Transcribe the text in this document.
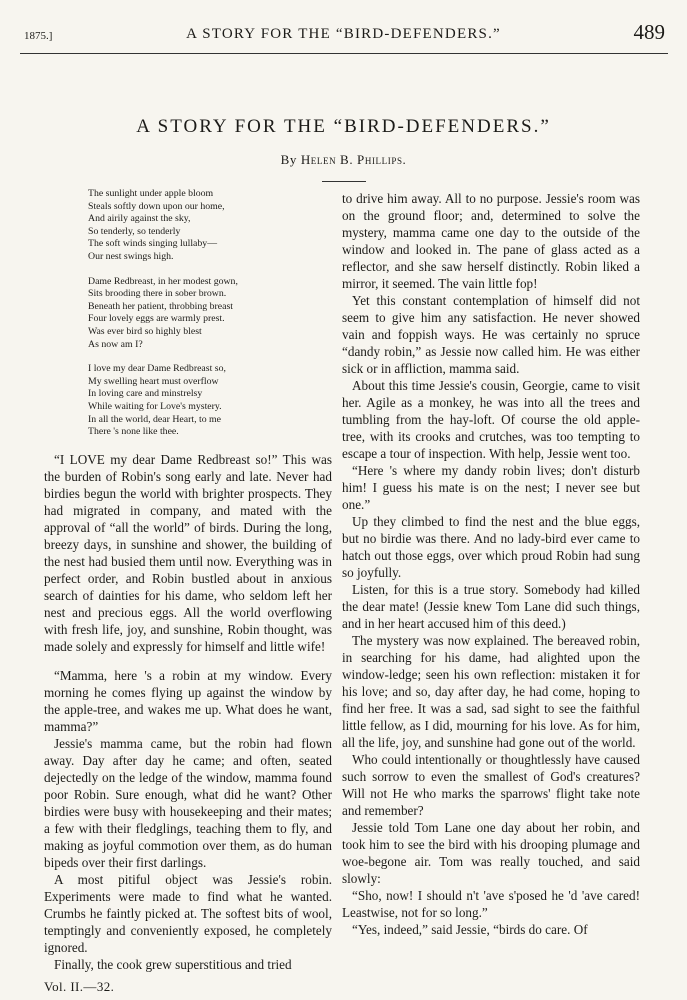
1875.]	A STORY FOR THE “BIRD-DEFENDERS.”	489
A STORY FOR THE “BIRD-DEFENDERS.”
By Helen B. Phillips.
The sunlight under apple bloom
Steals softly down upon our home,
And airily against the sky,
So tenderly, so tenderly
The soft winds singing lullaby—
Our nest swings high.
Dame Redbreast, in her modest gown,
Sits brooding there in sober brown.
Beneath her patient, throbbing breast
Four lovely eggs are warmly prest.
Was ever bird so highly blest
As now am I?
I love my dear Dame Redbreast so,
My swelling heart must overflow
In loving care and minstrelsy
While waiting for Love's mystery.
In all the world, dear Heart, to me
There 's none like thee.

“I LOVE my dear Dame Redbreast so!” This was the burden of Robin's song early and late. Never had birdies begun the world with brighter prospects. They had migrated in company, and mated with the approval of “all the world” of birds. During the long, breezy days, in sunshine and shower, the building of the nest had busied them until now. Everything was in perfect order, and Robin bustled about in anxious search of dainties for his dame, who seldom left her nest and precious eggs. All the world overflowing with fresh life, joy, and sunshine, Robin thought, was made solely and expressly for himself and little wife!

“Mamma, here 's a robin at my window. Every morning he comes flying up against the window by the apple-tree, and wakes me up. What does he want, mamma?”

Jessie's mamma came, but the robin had flown away. Day after day he came; and often, seated dejectedly on the ledge of the window, mamma found poor Robin. Sure enough, what did he want? Other birdies were busy with housekeeping and their mates; a few with their fledglings, teaching them to fly, and making as joyful commotion over them, as do human bipeds over their first darlings.

A most pitiful object was Jessie's robin. Experiments were made to find what he wanted. Crumbs he faintly picked at. The softest bits of wool, temptingly and conveniently exposed, he completely ignored.

Finally, the cook grew superstitious and tried

Vol. II.—32.

to drive him away. All to no purpose. Jessie's room was on the ground floor; and, determined to solve the mystery, mamma came one day to the outside of the window and looked in. The pane of glass acted as a reflector, and she saw herself distinctly. Robin liked a mirror, it seemed. The vain little fop!

Yet this constant contemplation of himself did not seem to give him any satisfaction. He never showed vain and foppish ways. He was certainly no spruce “dandy robin,” as Jessie now called him. He was either sick or in affliction, mamma said.

About this time Jessie's cousin, Georgie, came to visit her. Agile as a monkey, he was into all the trees and tumbling from the hay-loft. Of course the old apple-tree, with its crooks and crutches, was too tempting to escape a tour of inspection. With help, Jessie went too.

“Here 's where my dandy robin lives; don't disturb him! I guess his mate is on the nest; I never see but one.”

Up they climbed to find the nest and the blue eggs, but no birdie was there. And no lady-bird ever came to hatch out those eggs, over which proud Robin had sung so joyfully.

Listen, for this is a true story. Somebody had killed the dear mate! (Jessie knew Tom Lane did such things, and in her heart accused him of this deed.)

The mystery was now explained. The bereaved robin, in searching for his dame, had alighted upon the window-ledge; seen his own reflection: mistaken it for his love; and so, day after day, he had come, hoping to find her free. It was a sad, sad sight to see the faithful little fellow, as I did, mourning for his love. As for him, all the life, joy, and sunshine had gone out of the world.

Who could intentionally or thoughtlessly have caused such sorrow to even the smallest of God's creatures? Will not He who marks the sparrows' flight take note and remember?

Jessie told Tom Lane one day about her robin, and took him to see the bird with his drooping plumage and woe-begone air. Tom was really touched, and said slowly:

“Sho, now! I should n't 'ave s'posed he 'd 'ave cared! Leastwise, not for so long.”

“Yes, indeed,” said Jessie, “birds do care. Of
